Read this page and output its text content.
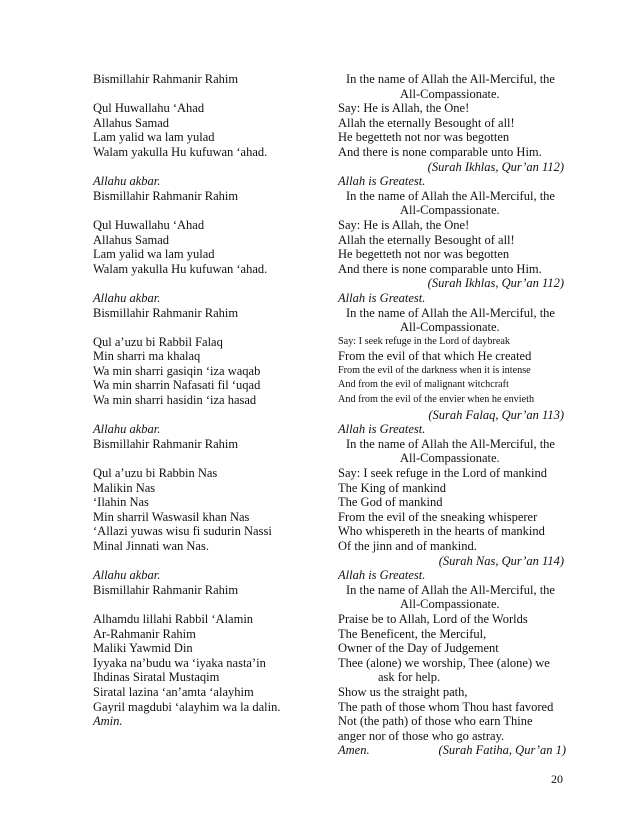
Bismillahir Rahmanir Rahim
Qul Huwallahu ‘Ahad
Allahus Samad
Lam yalid wa lam yulad
Walam yakulla Hu kufuwan ‘ahad.
Allahu akbar.
Bismillahir Rahmanir Rahim
Qul Huwallahu ‘Ahad
Allahus Samad
Lam yalid wa lam yulad
Walam yakulla Hu kufuwan ‘ahad.
Allahu akbar.
Bismillahir Rahmanir Rahim
Qul a’uzu bi Rabbil Falaq
Min sharri ma khalaq
Wa min sharri gasiqin ‘iza waqab
Wa min sharrin Nafasati fil ‘uqad
Wa min sharri hasidin ‘iza hasad
Allahu akbar.
Bismillahir Rahmanir Rahim
Qul a’uzu bi Rabbin Nas
Malikin Nas
‘Ilahin Nas
Min sharril Waswasil khan Nas
‘Allazi yuwas wisu fi sudurin Nassi
Minal Jinnati wan Nas.
Allahu akbar.
Bismillahir Rahmanir Rahim
Alhamdu lillahi Rabbil ‘Alamin
Ar-Rahmanir Rahim
Maliki Yawmid Din
Iyyaka na’budu wa ‘iyaka nasta’in
Ihdinas Siratal Mustaqim
Siratal lazina ‘an’amta ‘alayhim
Gayril magdubi ‘alayhim wa la dalin.
Amin.
In the name of Allah the All-Merciful, the
All-Compassionate.
Say: He is Allah, the One!
Allah the eternally Besought of all!
He begetteth not nor was begotten
And there is none comparable unto Him.
(Surah Ikhlas, Qur’an 112)
Allah is Greatest.
In the name of Allah the All-Merciful, the
All-Compassionate.
Say: He is Allah, the One!
Allah the eternally Besought of all!
He begetteth not nor was begotten
And there is none comparable unto Him.
(Surah Ikhlas, Qur’an 112)
Allah is Greatest.
In the name of Allah the All-Merciful, the
All-Compassionate.
Say: I seek refuge in the Lord of daybreak
From the evil of that which He created
From the evil of the darkness when it is intense
And from the evil of malignant witchcraft
And from the evil of the envier when he envieth
(Surah Falaq, Qur’an 113)
Allah is Greatest.
In the name of Allah the All-Merciful, the
All-Compassionate.
Say: I seek refuge in the Lord of mankind
The King of mankind
The God of mankind
From the evil of the sneaking whisperer
Who whispereth in the hearts of mankind
Of the jinn and of mankind.
(Surah Nas, Qur’an 114)
Allah is Greatest.
In the name of Allah the All-Merciful, the
All-Compassionate.
Praise be to Allah, Lord of the Worlds
The Beneficent, the Merciful,
Owner of the Day of Judgement
Thee (alone) we worship, Thee (alone) we
ask for help.
Show us the straight path,
The path of those whom Thou hast favored
Not (the path) of those who earn Thine
anger nor of those who go astray.
Amen.	(Surah Fatiha, Qur’an 1)
20
